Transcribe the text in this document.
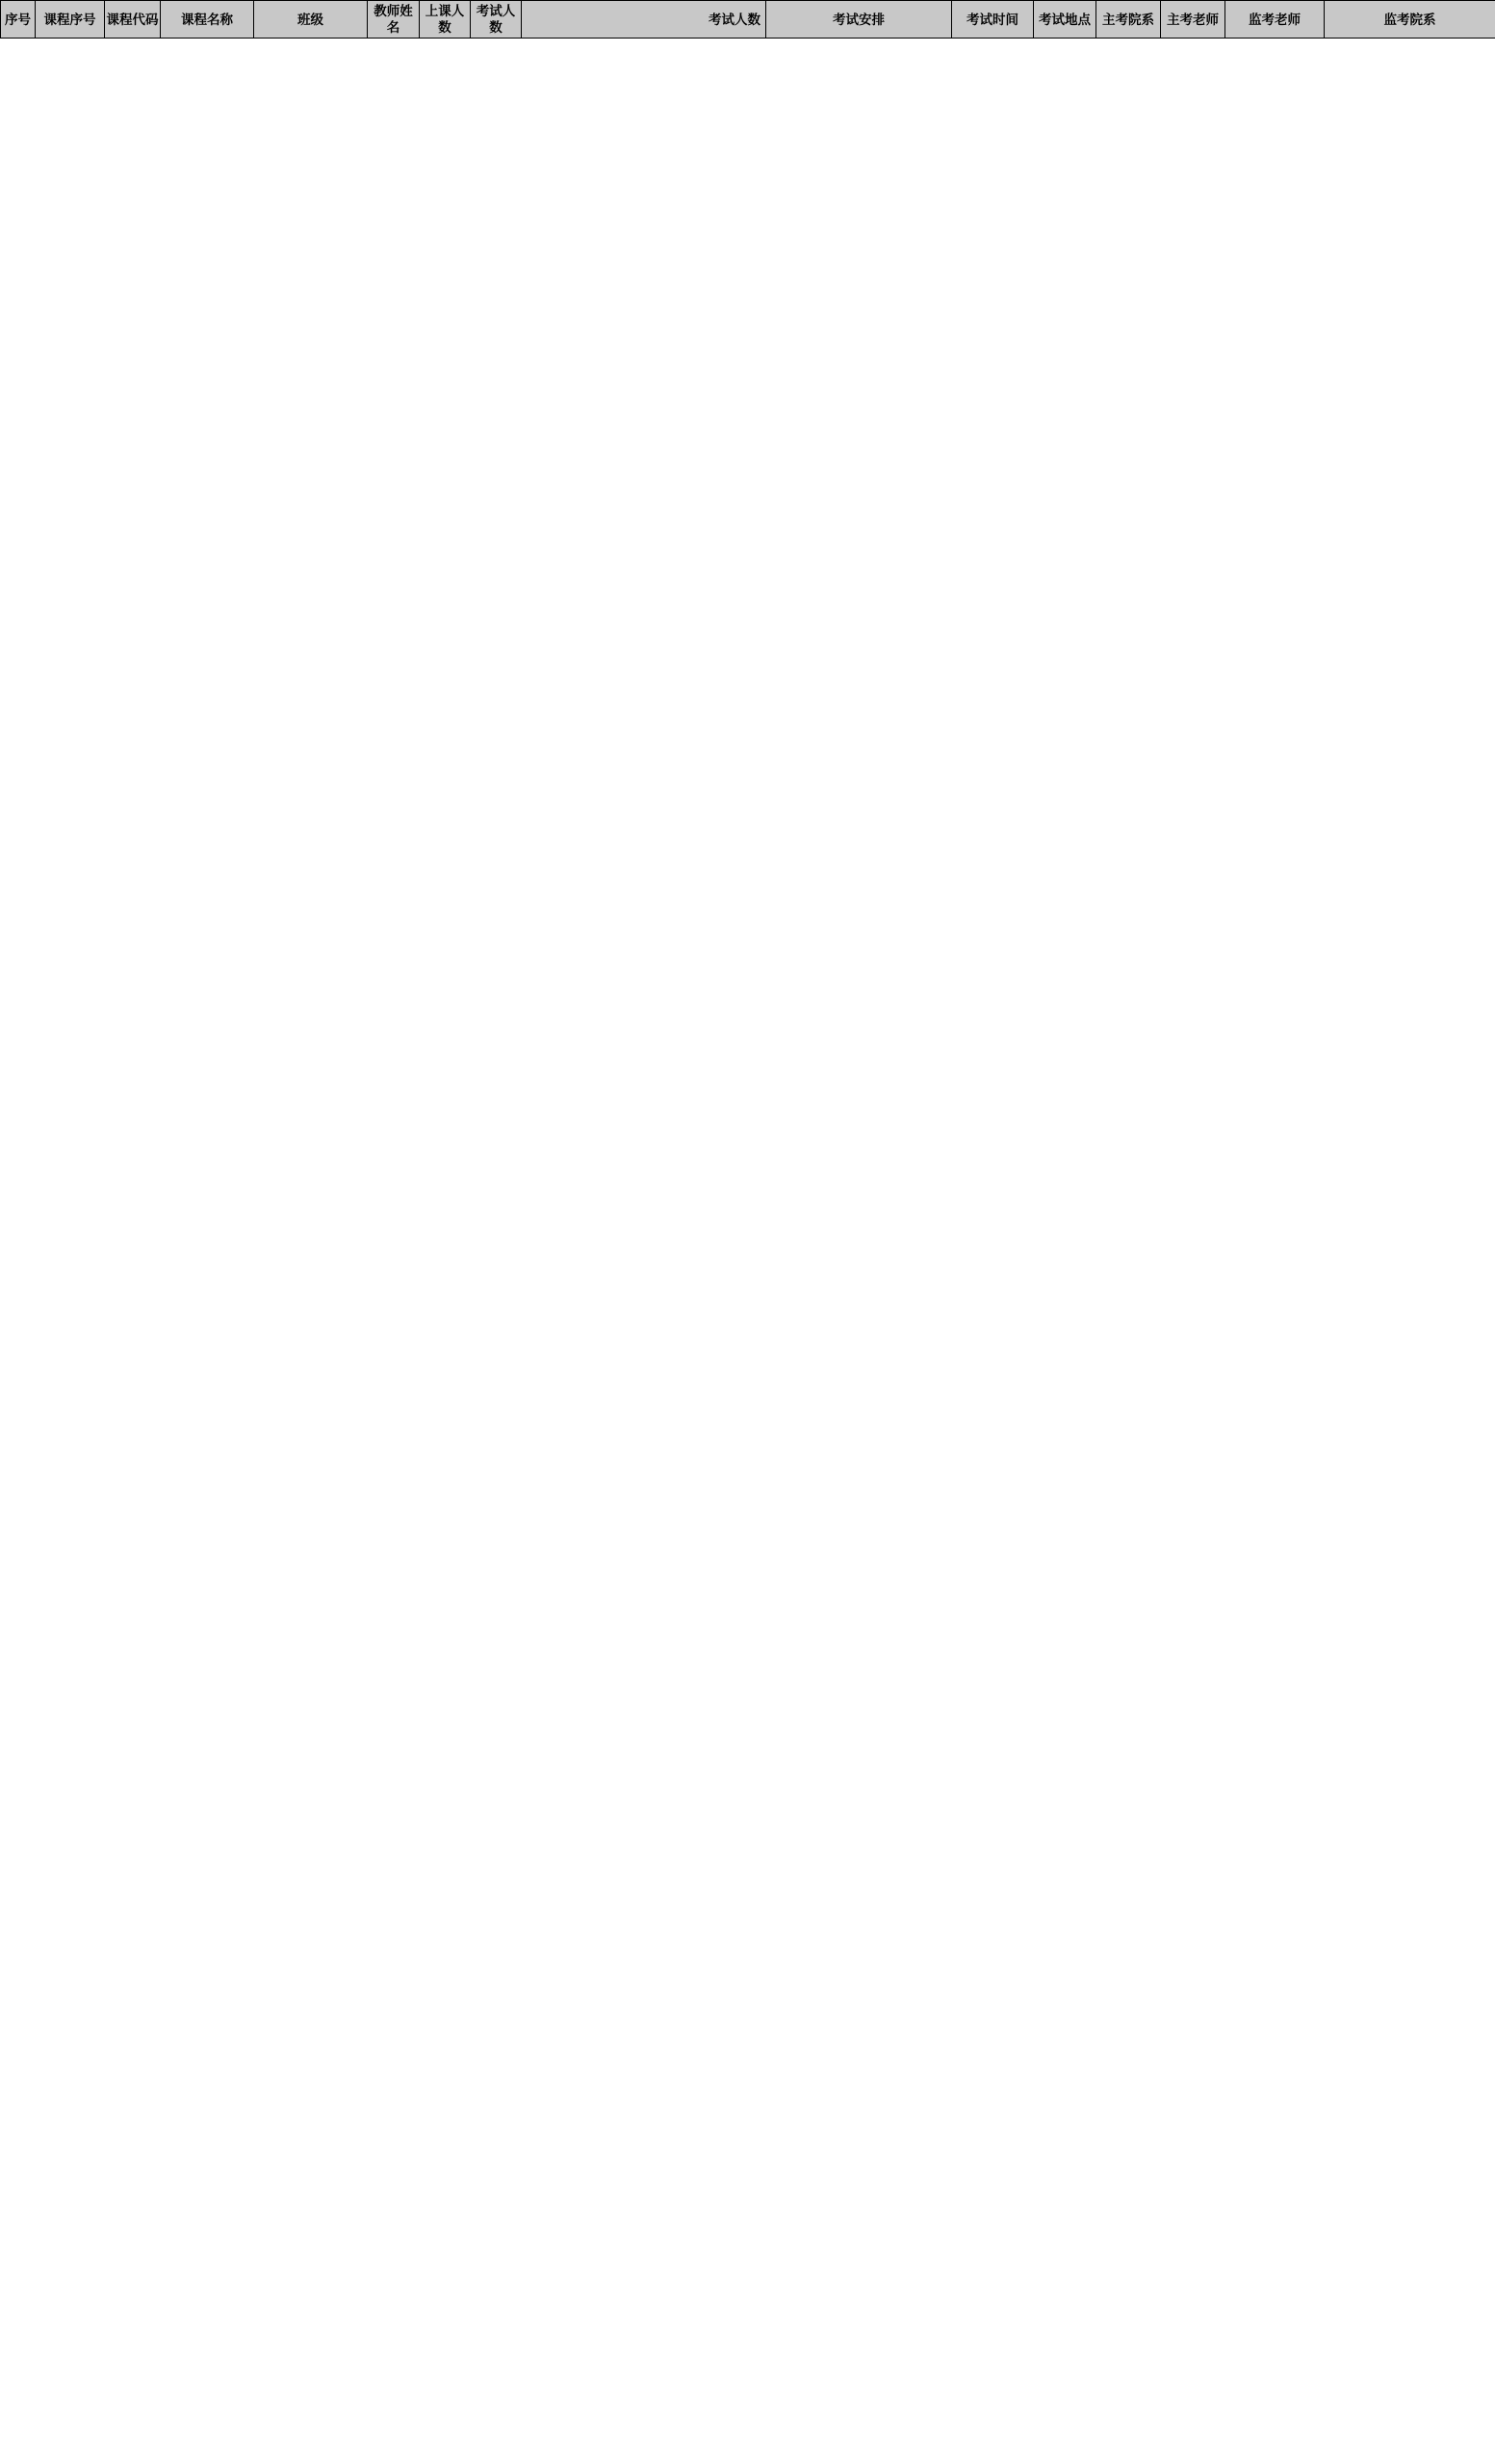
序号	课程序号	课程代码	课程名称	班级	教师姓名	上课人数	考试人数	考试人数	考试安排	考试时间	考试地点	主考院系	主考老师	监考老师	监考院系
